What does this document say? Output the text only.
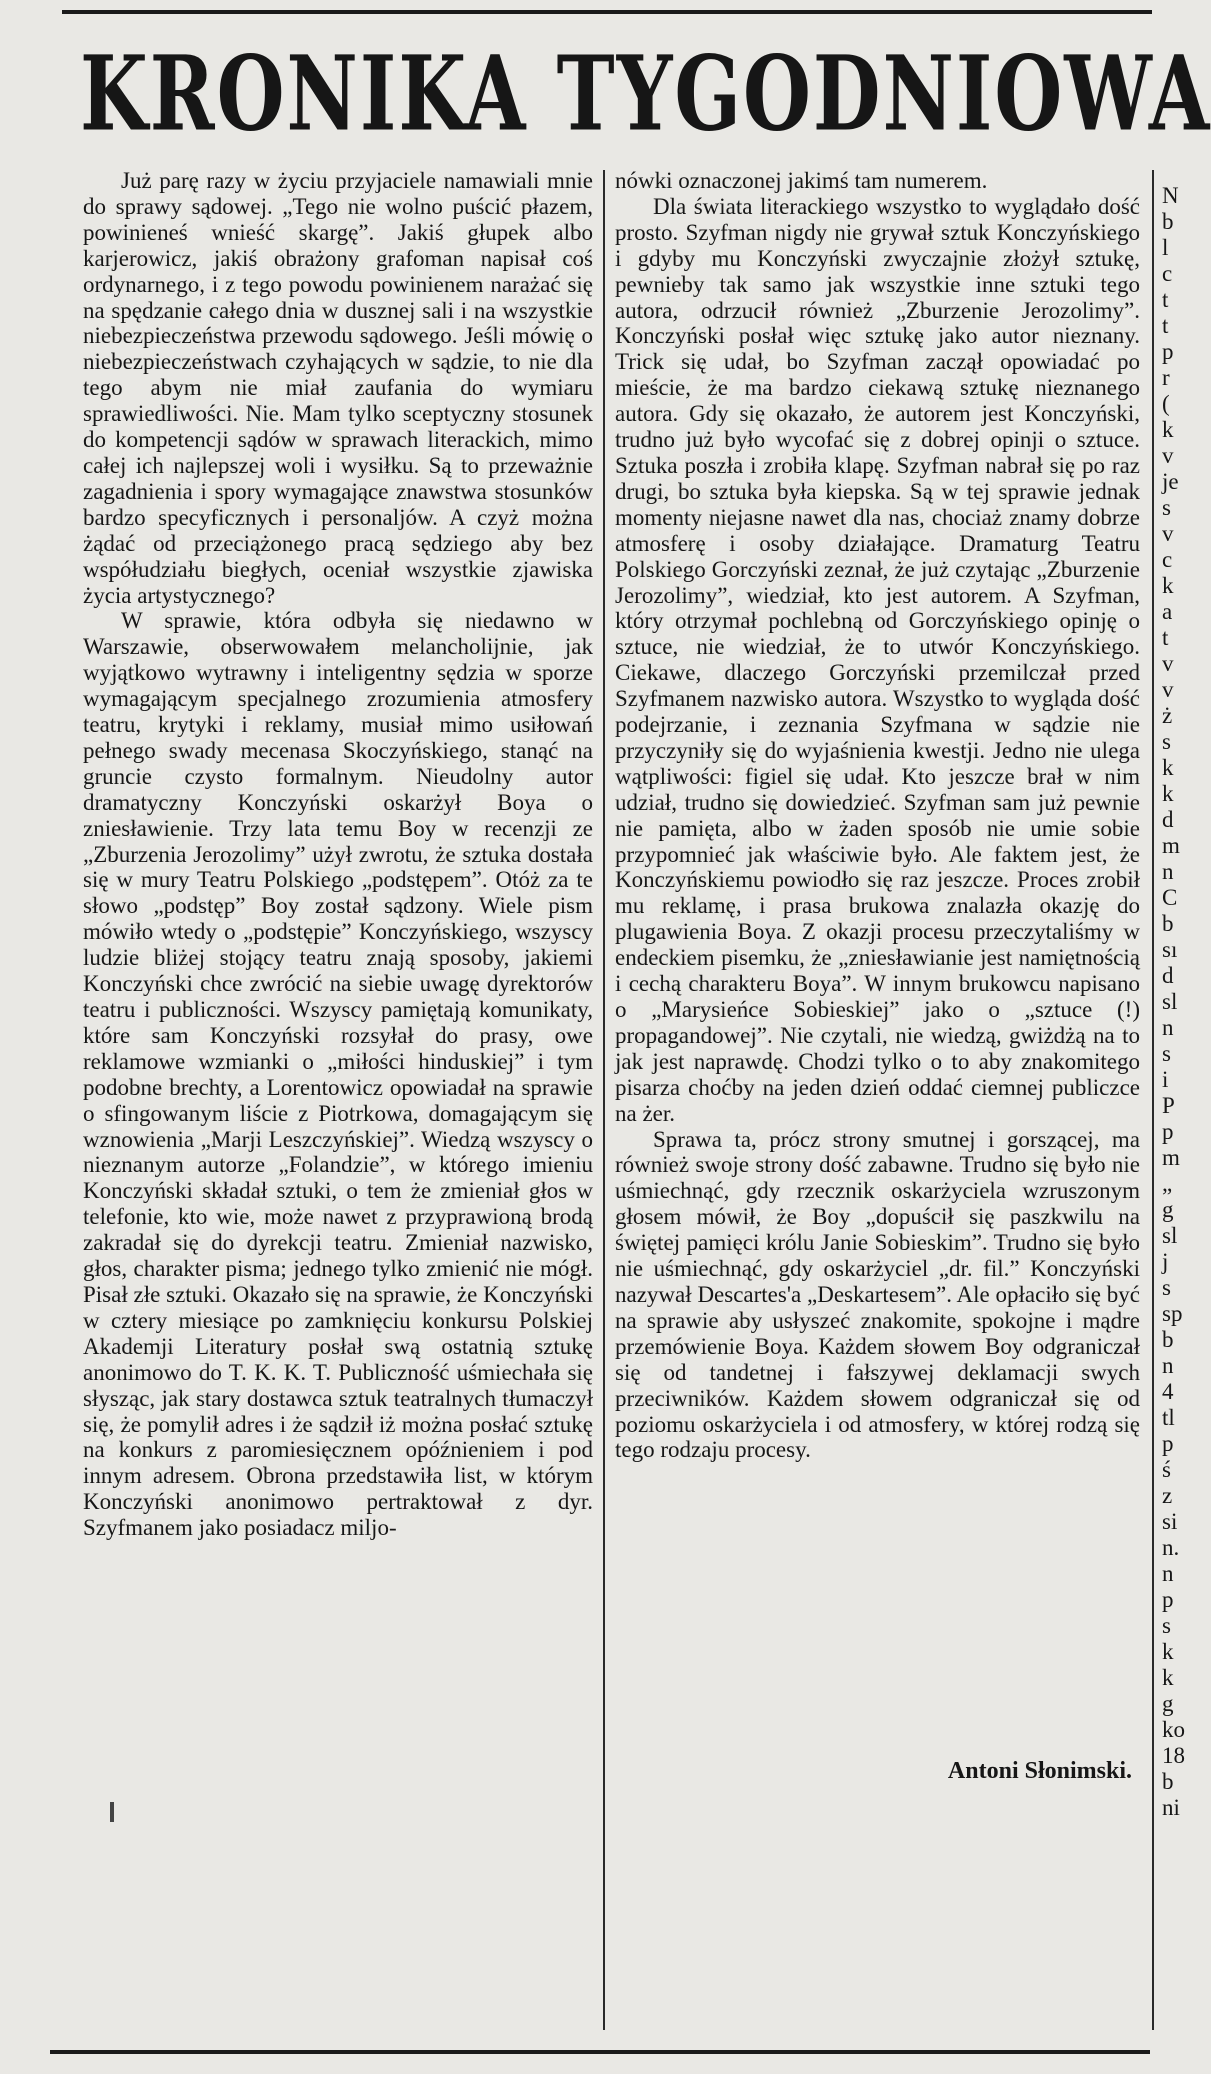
KRONIKA TYGODNIOWA

Już parę razy w życiu przyjaciele namawiali mnie do sprawy sądowej. „Tego nie wolno puścić płazem, powinieneś wnieść skargę”. Jakiś głupek albo karjerowicz, jakiś obrażony grafoman napisał coś ordynarnego, i z tego powodu powinienem narażać się na spędzanie całego dnia w dusznej sali i na wszystkie niebezpieczeństwa przewodu sądowego. Jeśli mówię o niebezpieczeństwach czyhających w sądzie, to nie dla tego abym nie miał zaufania do wymiaru sprawiedliwości. Nie. Mam tylko sceptyczny stosunek do kompetencji sądów w sprawach literackich, mimo całej ich najlepszej woli i wysiłku. Są to przeważnie zagadnienia i spory wymagające znawstwa stosunków bardzo specyficznych i personaljów. A czyż można żądać od przeciążonego pracą sędziego aby bez współudziału biegłych, oceniał wszystkie zjawiska życia artystycznego?

W sprawie, która odbyła się niedawno w Warszawie, obserwowałem melancholijnie, jak wyjątkowo wytrawny i inteligentny sędzia w sporze wymagającym specjalnego zrozumienia atmosfery teatru, krytyki i reklamy, musiał mimo usiłowań pełnego swady mecenasa Skoczyńskiego, stanąć na gruncie czysto formalnym. Nieudolny autor dramatyczny Konczyński oskarżył Boya o zniesławienie. Trzy lata temu Boy w recenzji ze „Zburzenia Jerozolimy” użył zwrotu, że sztuka dostała się w mury Teatru Polskiego „podstępem”. Otóż za te słowo „podstęp” Boy został sądzony. Wiele pism mówiło wtedy o „podstępie” Konczyńskiego, wszyscy ludzie bliżej stojący teatru znają sposoby, jakiemi Konczyński chce zwrócić na siebie uwagę dyrektorów teatru i publiczności. Wszyscy pamiętają komunikaty, które sam Konczyński rozsyłał do prasy, owe reklamowe wzmianki o „miłości hinduskiej” i tym podobne brechty, a Lorentowicz opowiadał na sprawie o sfingowanym liście z Piotrkowa, domagającym się wznowienia „Marji Leszczyńskiej”. Wiedzą wszyscy o nieznanym autorze „Folandzie”, w którego imieniu Konczyński składał sztuki, o tem że zmieniał głos w telefonie, kto wie, może nawet z przyprawioną brodą zakradał się do dyrekcji teatru. Zmieniał nazwisko, głos, charakter pisma; jednego tylko zmienić nie mógł. Pisał złe sztuki. Okazało się na sprawie, że Konczyński w cztery miesiące po zamknięciu konkursu Polskiej Akademji Literatury posłał swą ostatnią sztukę anonimowo do T. K. K. T. Publiczność uśmiechała się słysząc, jak stary dostawca sztuk teatralnych tłumaczył się, że pomylił adres i że sądził iż można posłać sztukę na konkurs z paromiesięcznem opóźnieniem i pod innym adresem. Obrona przedstawiła list, w którym Konczyński anonimowo pertraktował z dyr. Szyfmanem jako posiadacz miljo-

nówki oznaczonej jakimś tam numerem.

Dla świata literackiego wszystko to wyglądało dość prosto. Szyfman nigdy nie grywał sztuk Konczyńskiego i gdyby mu Konczyński zwyczajnie złożył sztukę, pewnieby tak samo jak wszystkie inne sztuki tego autora, odrzucił również „Zburzenie Jerozolimy”. Konczyński posłał więc sztukę jako autor nieznany. Trick się udał, bo Szyfman zaczął opowiadać po mieście, że ma bardzo ciekawą sztukę nieznanego autora. Gdy się okazało, że autorem jest Konczyński, trudno już było wycofać się z dobrej opinji o sztuce. Sztuka poszła i zrobiła klapę. Szyfman nabrał się po raz drugi, bo sztuka była kiepska. Są w tej sprawie jednak momenty niejasne nawet dla nas, chociaż znamy dobrze atmosferę i osoby działające. Dramaturg Teatru Polskiego Gorczyński zeznał, że już czytając „Zburzenie Jerozolimy”, wiedział, kto jest autorem. A Szyfman, który otrzymał pochlebną od Gorczyńskiego opinję o sztuce, nie wiedział, że to utwór Konczyńskiego. Ciekawe, dlaczego Gorczyński przemilczał przed Szyfmanem nazwisko autora. Wszystko to wygląda dość podejrzanie, i zeznania Szyfmana w sądzie nie przyczyniły się do wyjaśnienia kwestji. Jedno nie ulega wątpliwości: figiel się udał. Kto jeszcze brał w nim udział, trudno się dowiedzieć. Szyfman sam już pewnie nie pamięta, albo w żaden sposób nie umie sobie przypomnieć jak właściwie było. Ale faktem jest, że Konczyńskiemu powiodło się raz jeszcze. Proces zrobił mu reklamę, i prasa brukowa znalazła okazję do plugawienia Boya. Z okazji procesu przeczytaliśmy w endeckiem pisemku, że „zniesławianie jest namiętnością i cechą charakteru Boya”. W innym brukowcu napisano o „Marysieńce Sobieskiej” jako o „sztuce (!) propagandowej”. Nie czytali, nie wiedzą, gwiżdżą na to jak jest naprawdę. Chodzi tylko o to aby znakomitego pisarza choćby na jeden dzień oddać ciemnej publiczce na żer.

Sprawa ta, prócz strony smutnej i gorszącej, ma również swoje strony dość zabawne. Trudno się było nie uśmiechnąć, gdy rzecznik oskarżyciela wzruszonym głosem mówił, że Boy „dopuścił się paszkwilu na świętej pamięci królu Janie Sobieskim”. Trudno się było nie uśmiechnąć, gdy oskarżyciel „dr. fil.” Konczyński nazywał Descartes'a „Deskartesem”. Ale opłaciło się być na sprawie aby usłyszeć znakomite, spokojne i mądre przemówienie Boya. Każdem słowem Boy odgraniczał się od tandetnej i fałszywej deklamacji swych przeciwników. Każdem słowem odgraniczał się od poziomu oskarżyciela i od atmosfery, w której rodzą się tego rodzaju procesy.

Antoni Słonimski.
N b l c t t p r ( k v je s v c k a t v v ż s k k d m n C b sı d sl n s i P p m „ g sl j s sp b n 4 tl p ś z si n. n p s k k g ko 18 b ni
